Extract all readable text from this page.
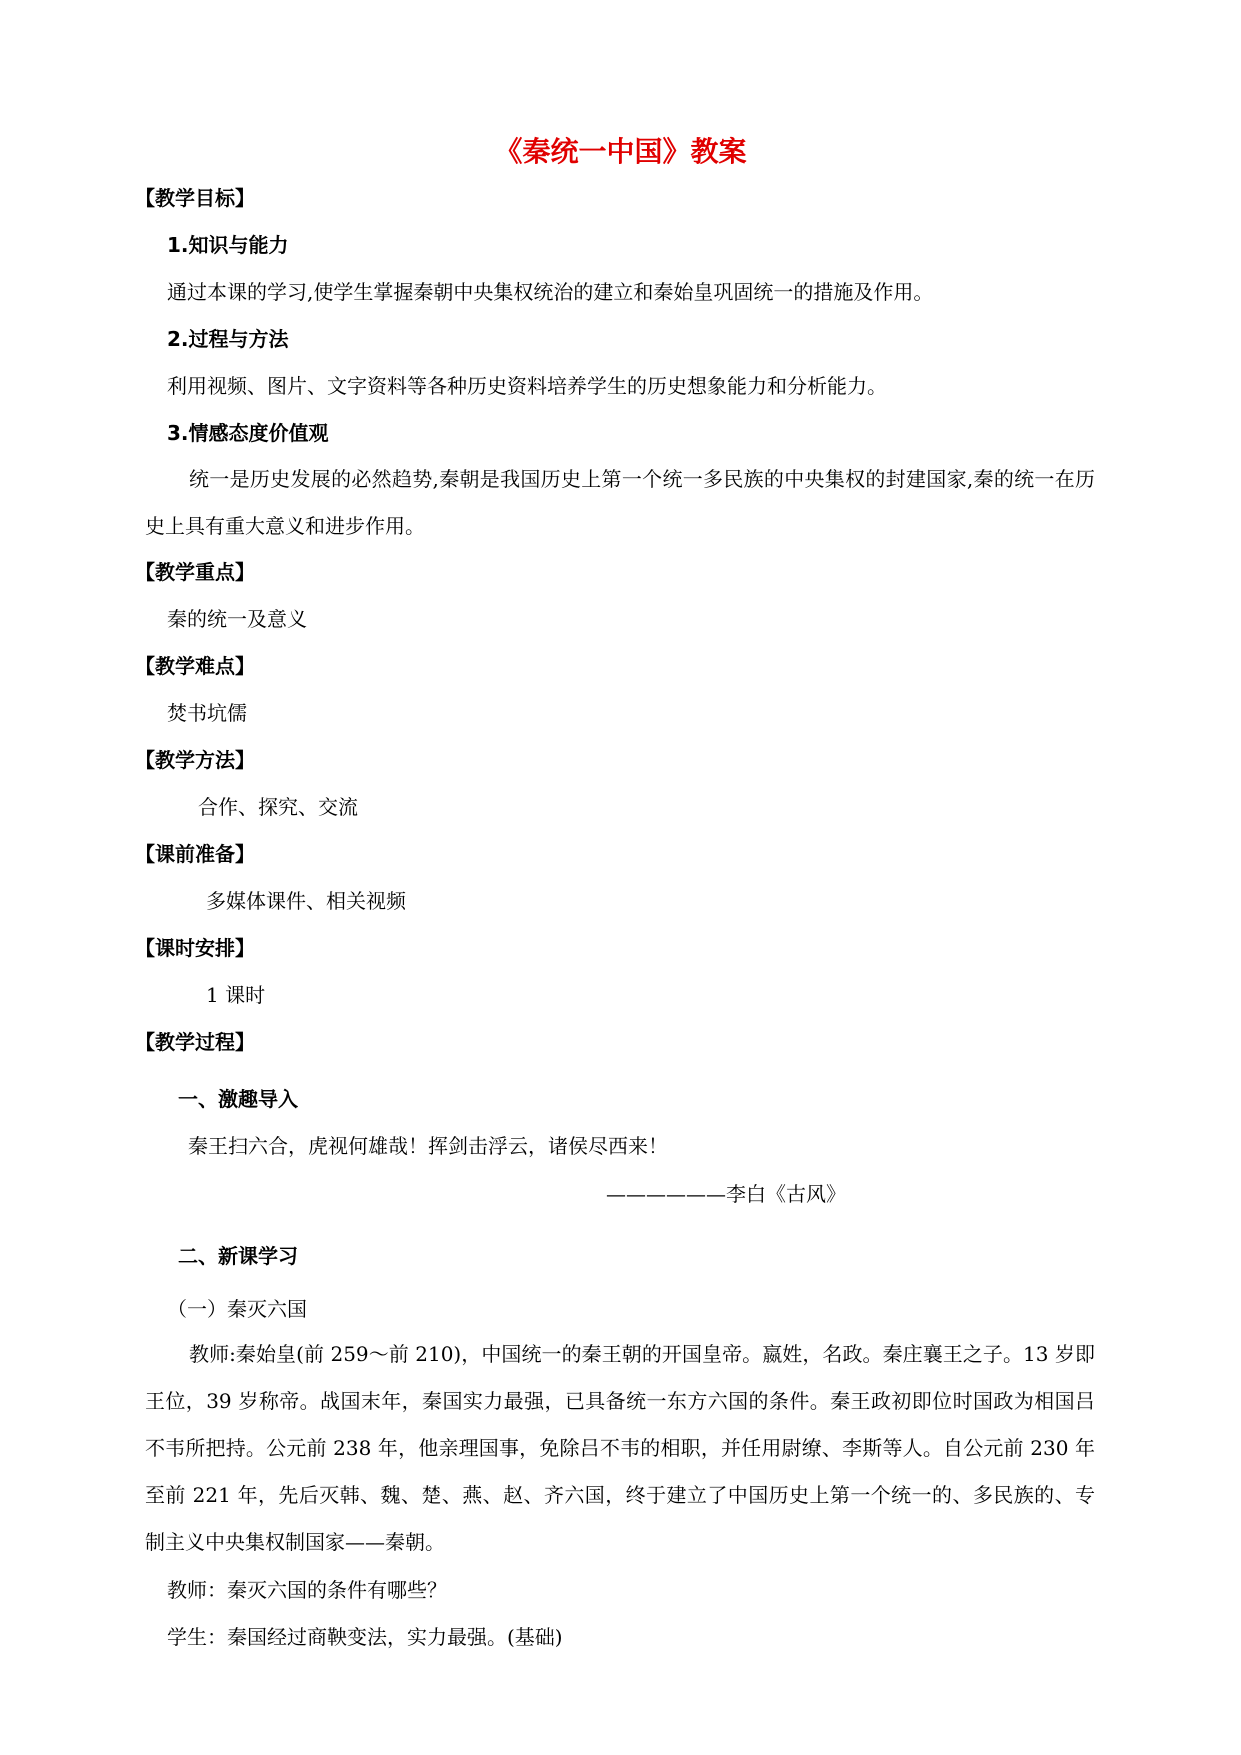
《秦统一中国》教案
【教学目标】
1.知识与能力
通过本课的学习,使学生掌握秦朝中央集权统治的建立和秦始皇巩固统一的措施及作用。
2.过程与方法
利用视频、图片、文字资料等各种历史资料培养学生的历史想象能力和分析能力。
3.情感态度价值观
统一是历史发展的必然趋势,秦朝是我国历史上第一个统一多民族的中央集权的封建国家,秦的统一在历史上具有重大意义和进步作用。
【教学重点】
秦的统一及意义
【教学难点】
焚书坑儒
【教学方法】
合作、探究、交流
【课前准备】
多媒体课件、相关视频
【课时安排】
1 课时
【教学过程】
一、激趣导入
秦王扫六合，虎视何雄哉！挥剑击浮云，诸侯尽西来！
——————李白《古风》
二、新课学习
（一）秦灭六国
教师:秦始皇(前 259～前 210)，中国统一的秦王朝的开国皇帝。嬴姓，名政。秦庄襄王之子。13 岁即王位，39 岁称帝。战国末年，秦国实力最强，已具备统一东方六国的条件。秦王政初即位时国政为相国吕不韦所把持。公元前 238 年，他亲理国事，免除吕不韦的相职，并任用尉缭、李斯等人。自公元前 230 年至前 221 年，先后灭韩、魏、楚、燕、赵、齐六国，终于建立了中国历史上第一个统一的、多民族的、专制主义中央集权制国家——秦朝。
教师：秦灭六国的条件有哪些？
学生：秦国经过商鞅变法，实力最强。(基础)
